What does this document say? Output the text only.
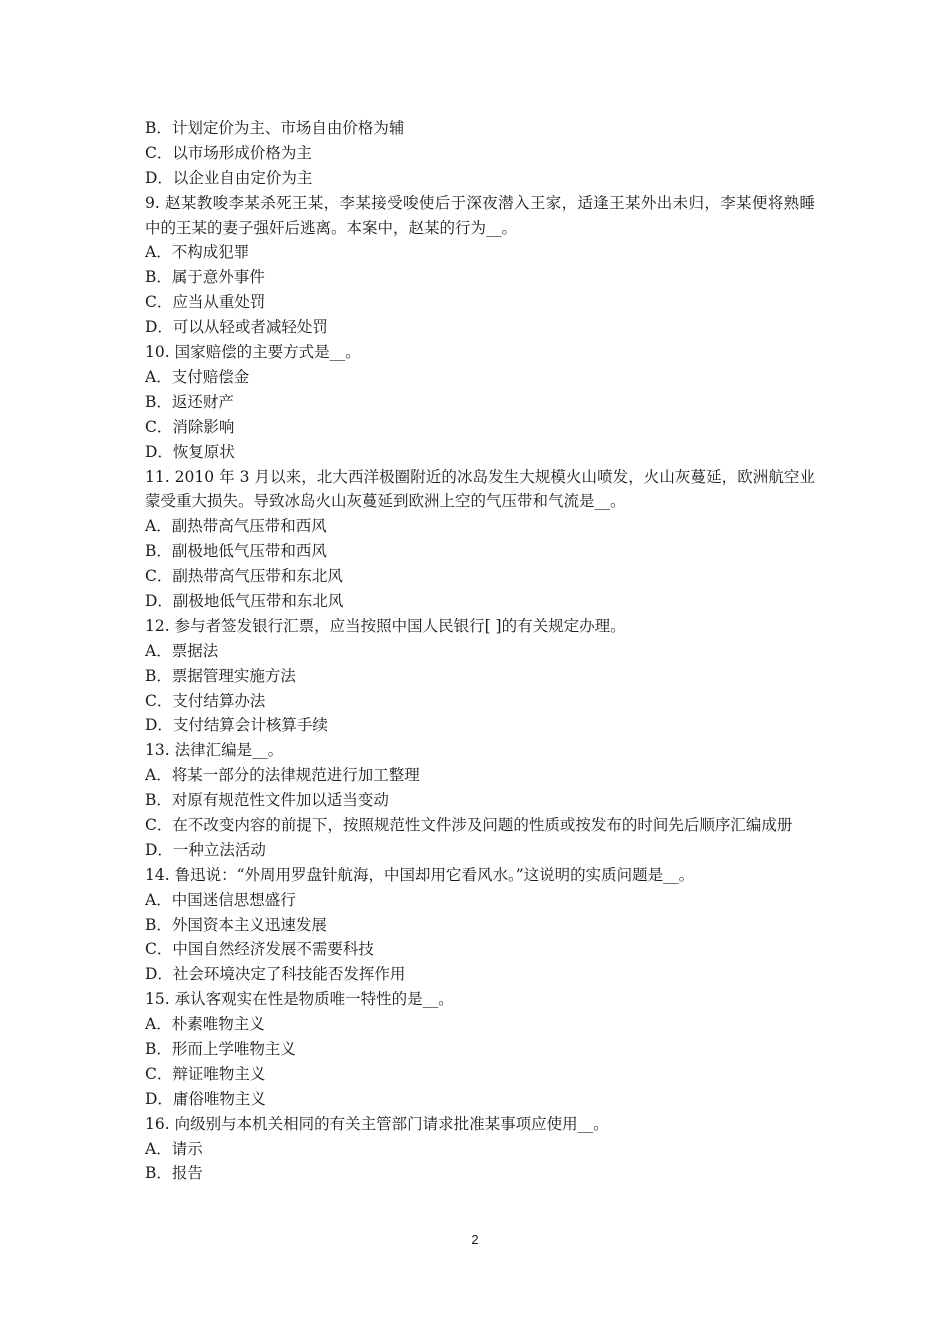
B．计划定价为主、市场自由价格为辅
C．以市场形成价格为主
D．以企业自由定价为主
9. 赵某教唆李某杀死王某，李某接受唆使后于深夜潜入王家，适逢王某外出未归，李某便将熟睡中的王某的妻子强奸后逃离。本案中，赵某的行为__。
A．不构成犯罪
B．属于意外事件
C．应当从重处罚
D．可以从轻或者减轻处罚
10. 国家赔偿的主要方式是__。
A．支付赔偿金
B．返还财产
C．消除影响
D．恢复原状
11. 2010 年 3 月以来，北大西洋极圈附近的冰岛发生大规模火山喷发，火山灰蔓延，欧洲航空业蒙受重大损失。导致冰岛火山灰蔓延到欧洲上空的气压带和气流是__。
A．副热带高气压带和西风
B．副极地低气压带和西风
C．副热带高气压带和东北风
D．副极地低气压带和东北风
12. 参与者签发银行汇票，应当按照中国人民银行[ ]的有关规定办理。
A．票据法
B．票据管理实施方法
C．支付结算办法
D．支付结算会计核算手续
13. 法律汇编是__。
A．将某一部分的法律规范进行加工整理
B．对原有规范性文件加以适当变动
C．在不改变内容的前提下，按照规范性文件涉及问题的性质或按发布的时间先后顺序汇编成册
D．一种立法活动
14. 鲁迅说：“外周用罗盘针航海，中国却用它看风水。”这说明的实质问题是__。
A．中国迷信思想盛行
B．外国资本主义迅速发展
C．中国自然经济发展不需要科技
D．社会环境决定了科技能否发挥作用
15. 承认客观实在性是物质唯一特性的是__。
A．朴素唯物主义
B．形而上学唯物主义
C．辩证唯物主义
D．庸俗唯物主义
16. 向级别与本机关相同的有关主管部门请求批准某事项应使用__。
A．请示
B．报告
2
